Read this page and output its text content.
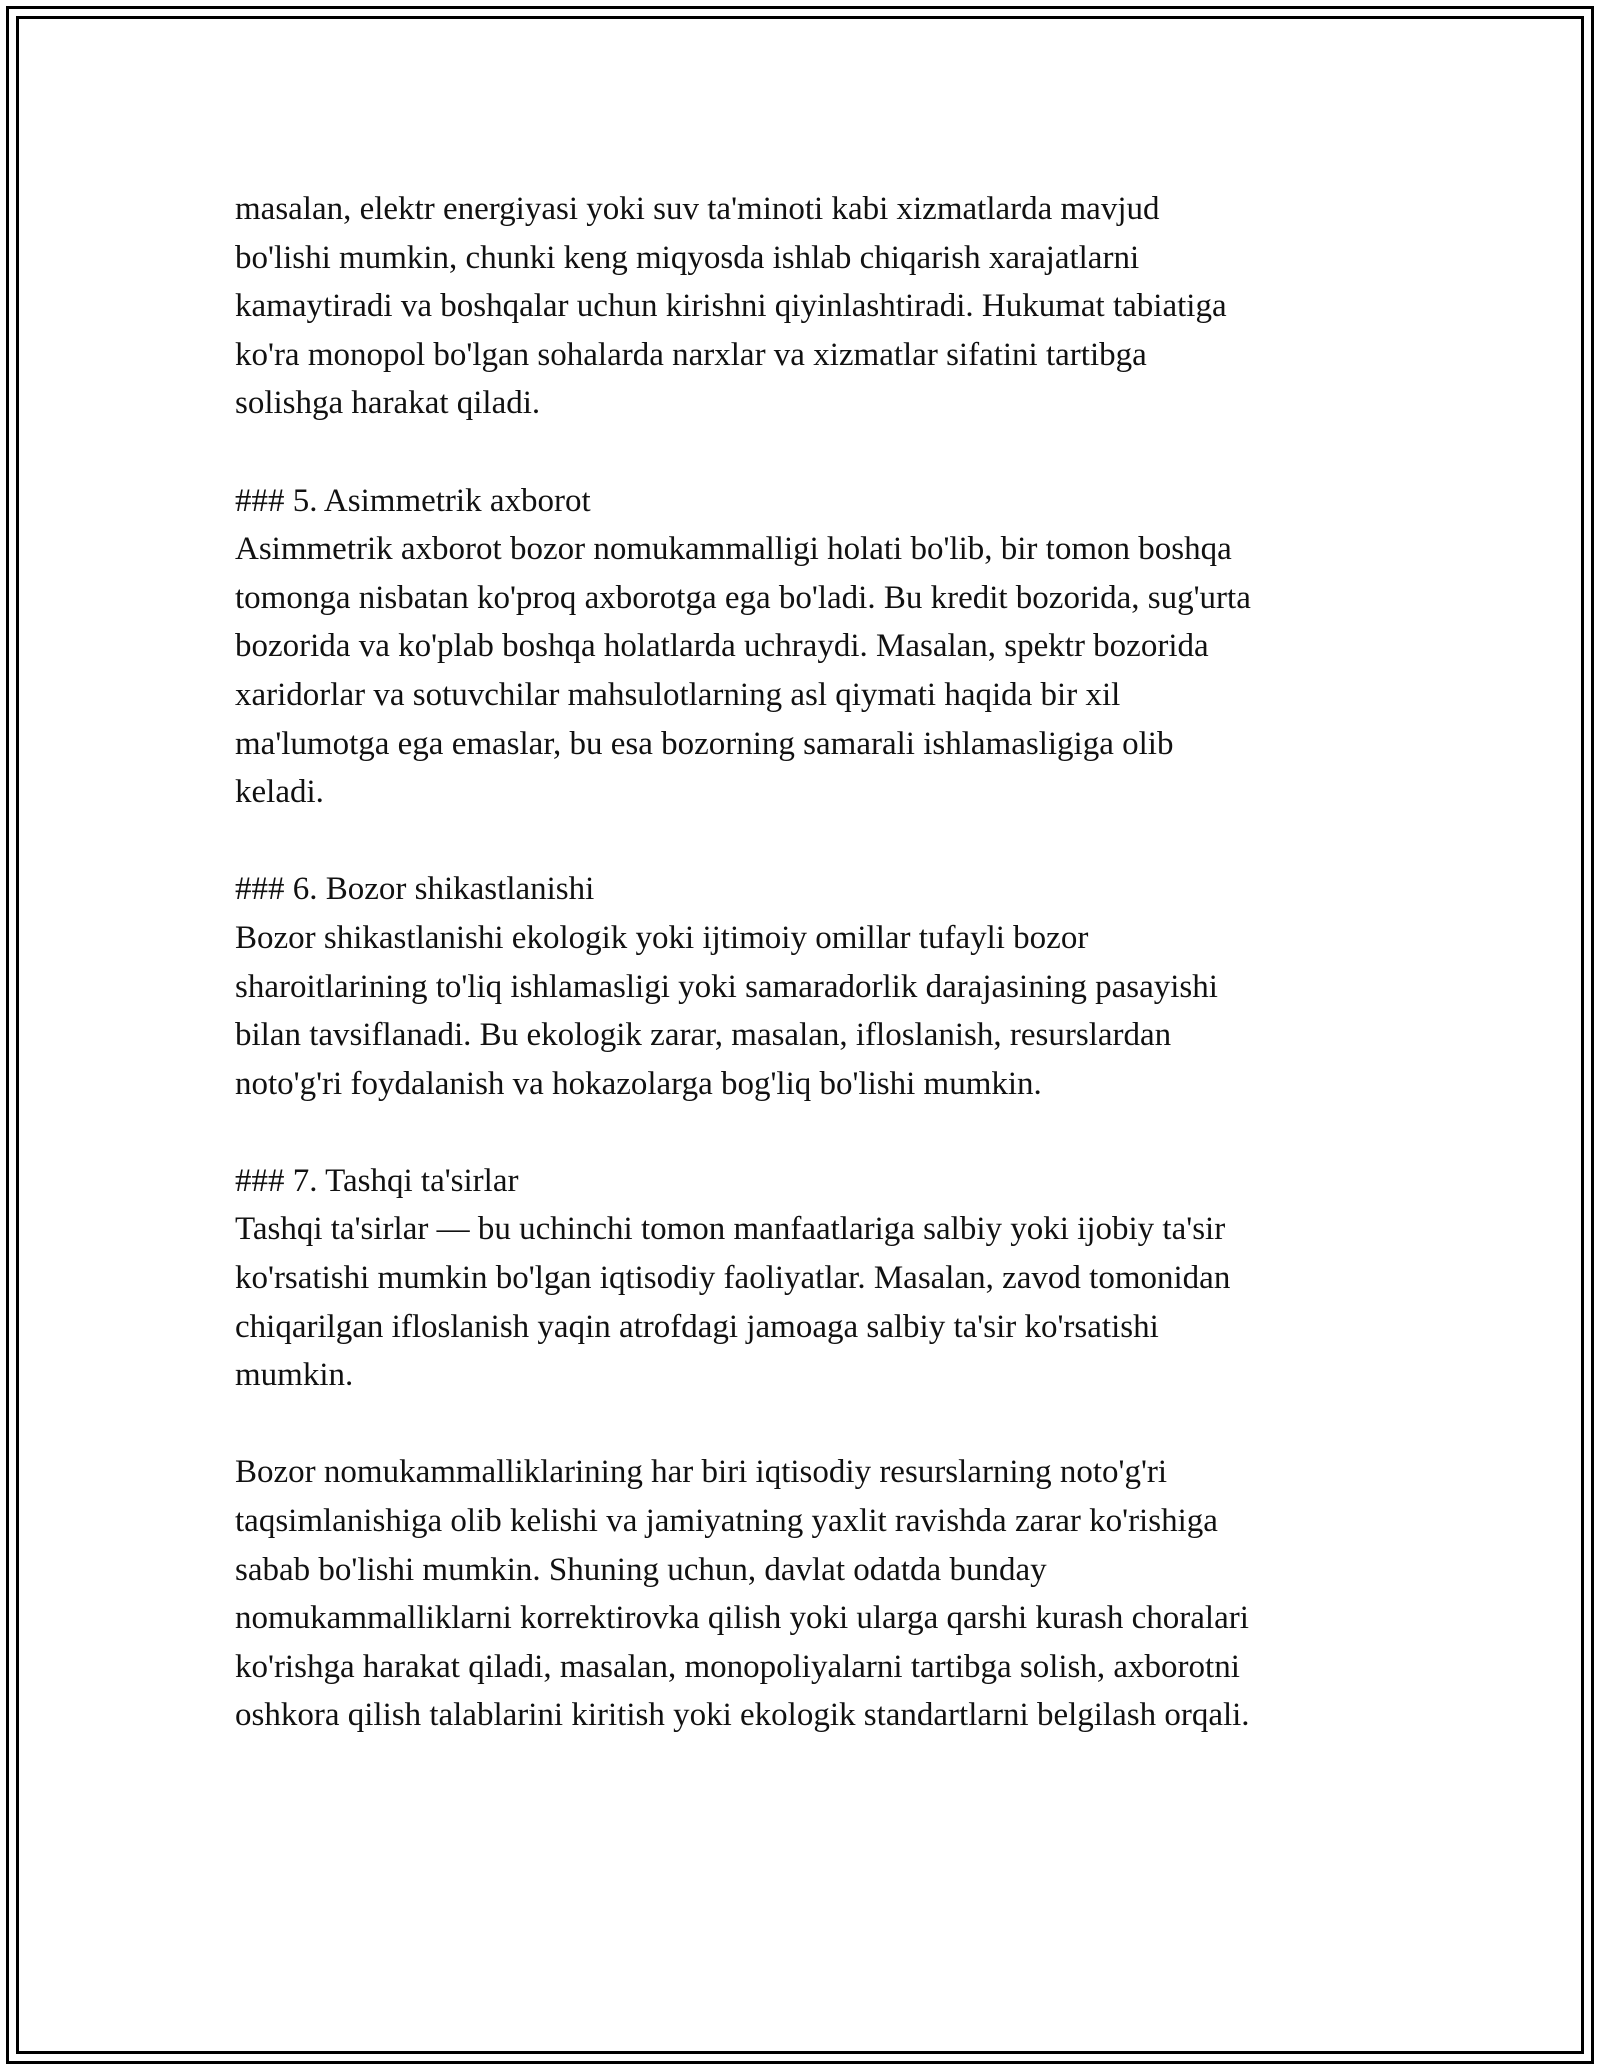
masalan, elektr energiyasi yoki suv ta'minoti kabi xizmatlarda mavjud
bo'lishi mumkin, chunki keng miqyosda ishlab chiqarish xarajatlarni
kamaytiradi va boshqalar uchun kirishni qiyinlashtiradi. Hukumat tabiatiga
ko'ra monopol bo'lgan sohalarda narxlar va xizmatlar sifatini tartibga
solishga harakat qiladi.
### 5. Asimmetrik axborot
Asimmetrik axborot bozor nomukammalligi holati bo'lib, bir tomon boshqa
tomonga nisbatan ko'proq axborotga ega bo'ladi. Bu kredit bozorida, sug'urta
bozorida va ko'plab boshqa holatlarda uchraydi. Masalan, spektr bozorida
xaridorlar va sotuvchilar mahsulotlarning asl qiymati haqida bir xil
ma'lumotga ega emaslar, bu esa bozorning samarali ishlamasligiga olib
keladi.
### 6. Bozor shikastlanishi
Bozor shikastlanishi ekologik yoki ijtimoiy omillar tufayli bozor
sharoitlarining to'liq ishlamasligi yoki samaradorlik darajasining pasayishi
bilan tavsiflanadi. Bu ekologik zarar, masalan, ifloslanish, resurslardan
noto'g'ri foydalanish va hokazolarga bog'liq bo'lishi mumkin.
### 7. Tashqi ta'sirlar
Tashqi ta'sirlar — bu uchinchi tomon manfaatlariga salbiy yoki ijobiy ta'sir
ko'rsatishi mumkin bo'lgan iqtisodiy faoliyatlar. Masalan, zavod tomonidan
chiqarilgan ifloslanish yaqin atrofdagi jamoaga salbiy ta'sir ko'rsatishi
mumkin.
Bozor nomukammalliklarining har biri iqtisodiy resurslarning noto'g'ri
taqsimlanishiga olib kelishi va jamiyatning yaxlit ravishda zarar ko'rishiga
sabab bo'lishi mumkin. Shuning uchun, davlat odatda bunday
nomukammalliklarni korrektirovka qilish yoki ularga qarshi kurash choralari
ko'rishga harakat qiladi, masalan, monopoliyalarni tartibga solish, axborotni
oshkora qilish talablarini kiritish yoki ekologik standartlarni belgilash orqali.
